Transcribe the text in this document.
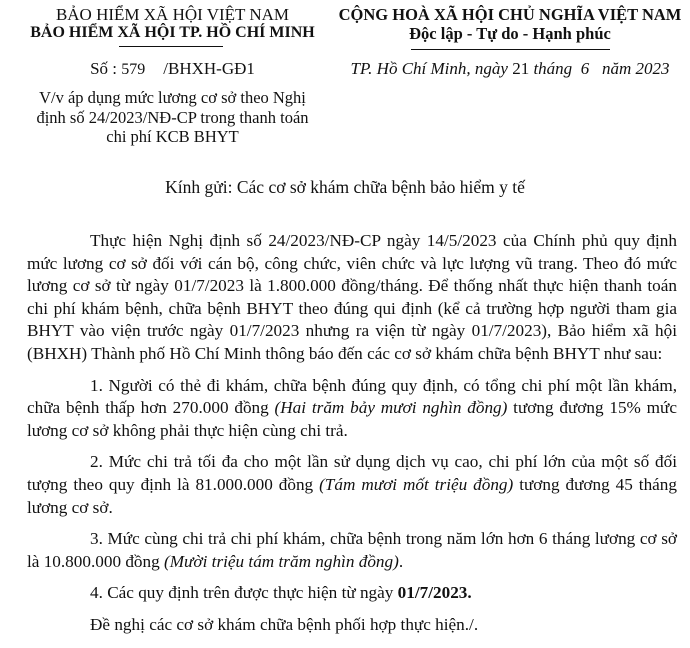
BẢO HIỂM XÃ HỘI VIỆT NAM
BẢO HIỂM XÃ HỘI TP. HỒ CHÍ MINH
Số : 579 /BHXH-GĐ1
V/v áp dụng mức lương cơ sở theo Nghị
định số 24/2023/NĐ-CP trong thanh toán
chi phí KCB BHYT
CỘNG HOÀ XÃ HỘI CHỦ NGHĨA VIỆT NAM
Độc lập - Tự do - Hạnh phúc
TP. Hồ Chí Minh, ngày 21 tháng  6   năm 2023
Kính gửi: Các cơ sở khám chữa bệnh bảo hiểm y tế

Thực hiện Nghị định số 24/2023/NĐ-CP ngày 14/5/2023 của Chính phủ quy định mức lương cơ sở đối với cán bộ, công chức, viên chức và lực lượng vũ trang. Theo đó mức lương cơ sở từ ngày 01/7/2023 là 1.800.000 đồng/tháng. Để thống nhất thực hiện thanh toán chi phí khám bệnh, chữa bệnh BHYT theo đúng qui định (kể cả trường hợp người tham gia BHYT vào viện trước ngày 01/7/2023 nhưng ra viện từ ngày 01/7/2023), Bảo hiểm xã hội (BHXH) Thành phố Hồ Chí Minh thông báo đến các cơ sở khám chữa bệnh BHYT như sau:

1. Người có thẻ đi khám, chữa bệnh đúng quy định, có tổng chi phí một lần khám, chữa bệnh thấp hơn 270.000 đồng (Hai trăm bảy mươi nghìn đồng) tương đương 15% mức lương cơ sở không phải thực hiện cùng chi trả.

2. Mức chi trả tối đa cho một lần sử dụng dịch vụ cao, chi phí lớn của một số đối tượng theo quy định là 81.000.000 đồng (Tám mươi mốt triệu đồng) tương đương 45 tháng lương cơ sở.

3. Mức cùng chi trả chi phí khám, chữa bệnh trong năm lớn hơn 6 tháng lương cơ sở là 10.800.000 đồng (Mười triệu tám trăm nghìn đồng).

4. Các quy định trên được thực hiện từ ngày 01/7/2023.

Đề nghị các cơ sở khám chữa bệnh phối hợp thực hiện./.
